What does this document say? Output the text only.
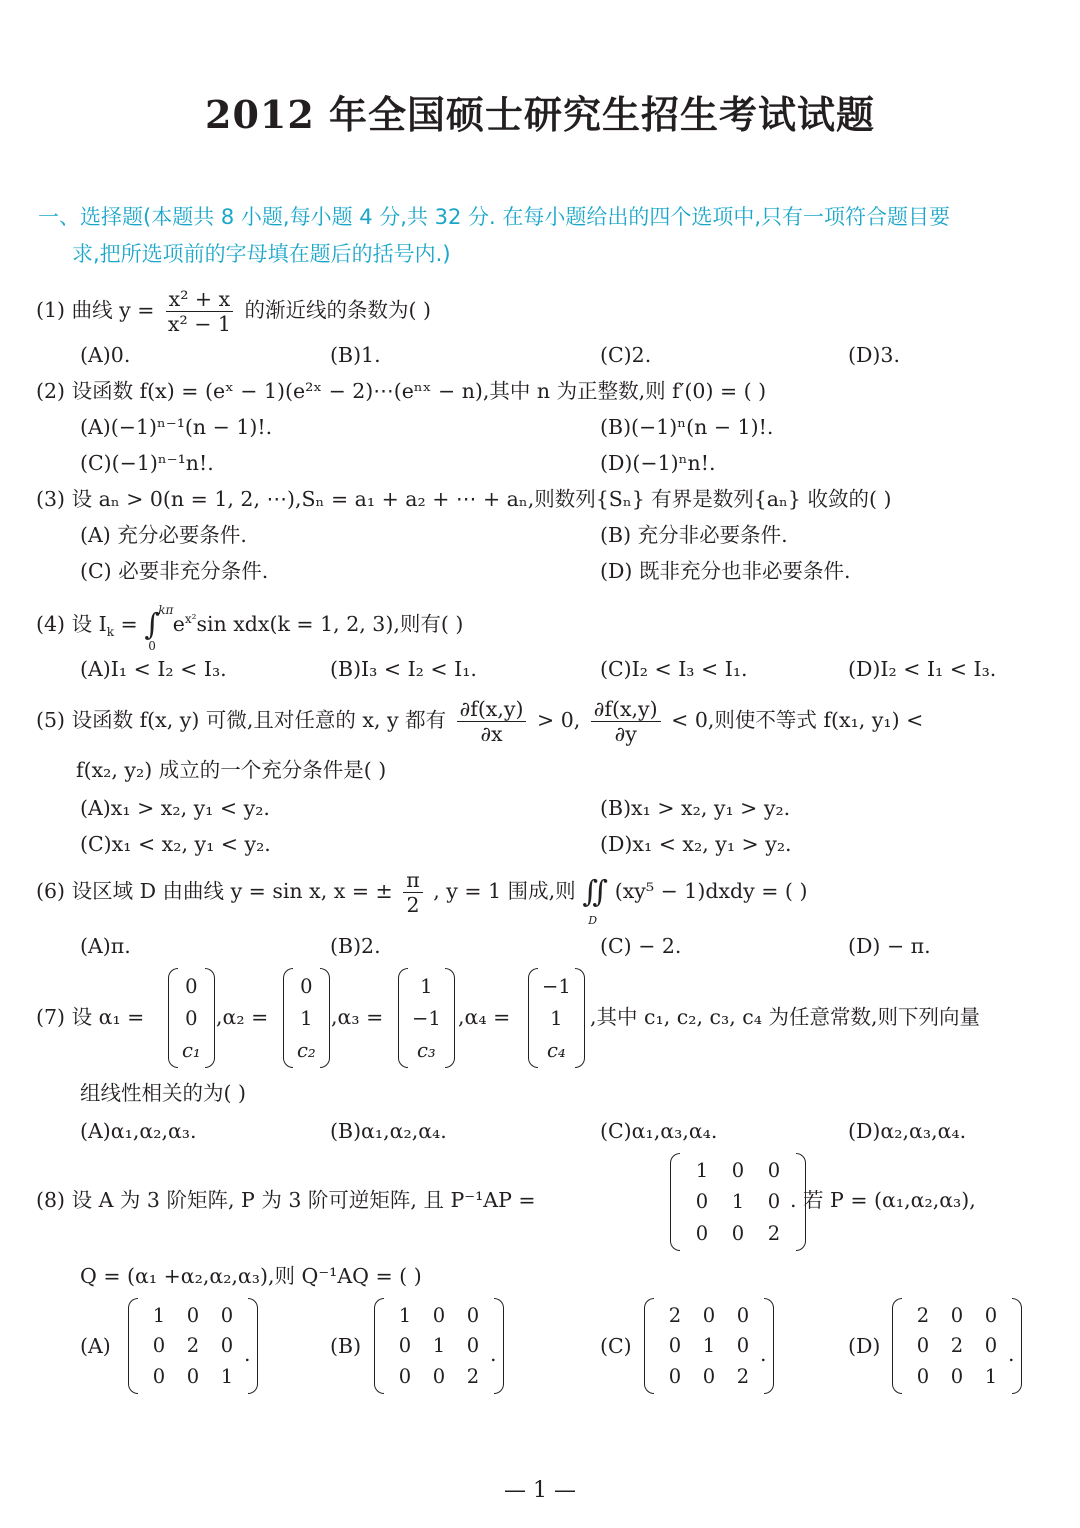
2012 年全国硕士研究生招生考试试题
一、选择题(本题共 8 小题,每小题 4 分,共 32 分. 在每小题给出的四个选项中,只有一项符合题目要
求,把所选项前的字母填在题后的括号内.)
(1) 曲线 $y = \frac{\text{x² + x}}{\text{x² − 1}}$ 的渐近线的条数为( )
(A)0.	(B)1.	(C)2.	(D)3.
(2) 设函数 f(x) = (eˣ − 1)(e²ˣ − 2)⋯(eⁿˣ − n),其中 n 为正整数,则 f′(0) = ( )
(A)(−1)ⁿ⁻¹(n − 1)!.	(B)(−1)ⁿ(n − 1)!.
(C)(−1)ⁿ⁻¹n!.	(D)(−1)ⁿn!.
(3) 设 aₙ > 0(n = 1, 2, ⋯),Sₙ = a₁ + a₂ + ⋯ + aₙ,则数列{Sₙ} 有界是数列{aₙ} 收敛的( )
(A) 充分必要条件.	(B) 充分非必要条件.
(C) 必要非充分条件.	(D) 既非充分也非必要条件.
(4) 设 $I_k$ = ∫
kπ
0
$e^{x^2}\sin$ xdx(k = 1, 2, 3),则有( )
(A)I₁ < I₂ < I₃.	(B)I₃ < I₂ < I₁.	(C)I₂ < I₃ < I₁.	(D)I₂ < I₁ < I₃.
(5) 设函数 f(x, y) 可微,且对任意的 x, y 都有 $\frac{\partial f(x,y)}{\partial x} > 0$, $\frac{\partial f(x,y)}{\partial y} < 0$,则使不等式 f(x₁, y₁) <
f(x₂, y₂) 成立的一个充分条件是( )
(A)x₁ > x₂, y₁ < y₂.	(B)x₁ > x₂, y₁ > y₂.
(C)x₁ < x₂, y₁ < y₂.	(D)x₁ < x₂, y₁ > y₂.
(6) 设区域 D 由曲线 y = sin x, x = ± $\frac{\pi}{2}$ , y = 1 围成,则 ∬
D
(xy⁵ − 1)dxdy = ( )
(A)π.	(B)2.	(C) − 2.	(D) − π.
(7) 设 α₁ =
0
0
c₁
,α₂ =
0
1
c₂
,α₃ =
1
−1
c₃
,α₄ =
−1
1
c₄
,其中 c₁, c₂, c₃, c₄ 为任意常数,则下列向量
组线性相关的为( )
(A)α₁,α₂,α₃.	(B)α₁,α₂,α₄.	(C)α₁,α₃,α₄.	(D)α₂,α₃,α₄.
(8) 设 A 为 3 阶矩阵, P 为 3 阶可逆矩阵, 且 P⁻¹AP =
1 0 0
0 1 0
0 0 2
. 若 P = (α₁,α₂,α₃),
Q = (α₁ +α₂,α₂,α₃),则 Q⁻¹AQ = ( )
(A)
1 0 0
0 2 0
0 0 1
.	(B)
1 0 0
0 1 0
0 0 2
.	(C)
2 0 0
0 1 0
0 0 2
.	(D)
2 0 0
0 2 0
0 0 1
.
— 1 —
